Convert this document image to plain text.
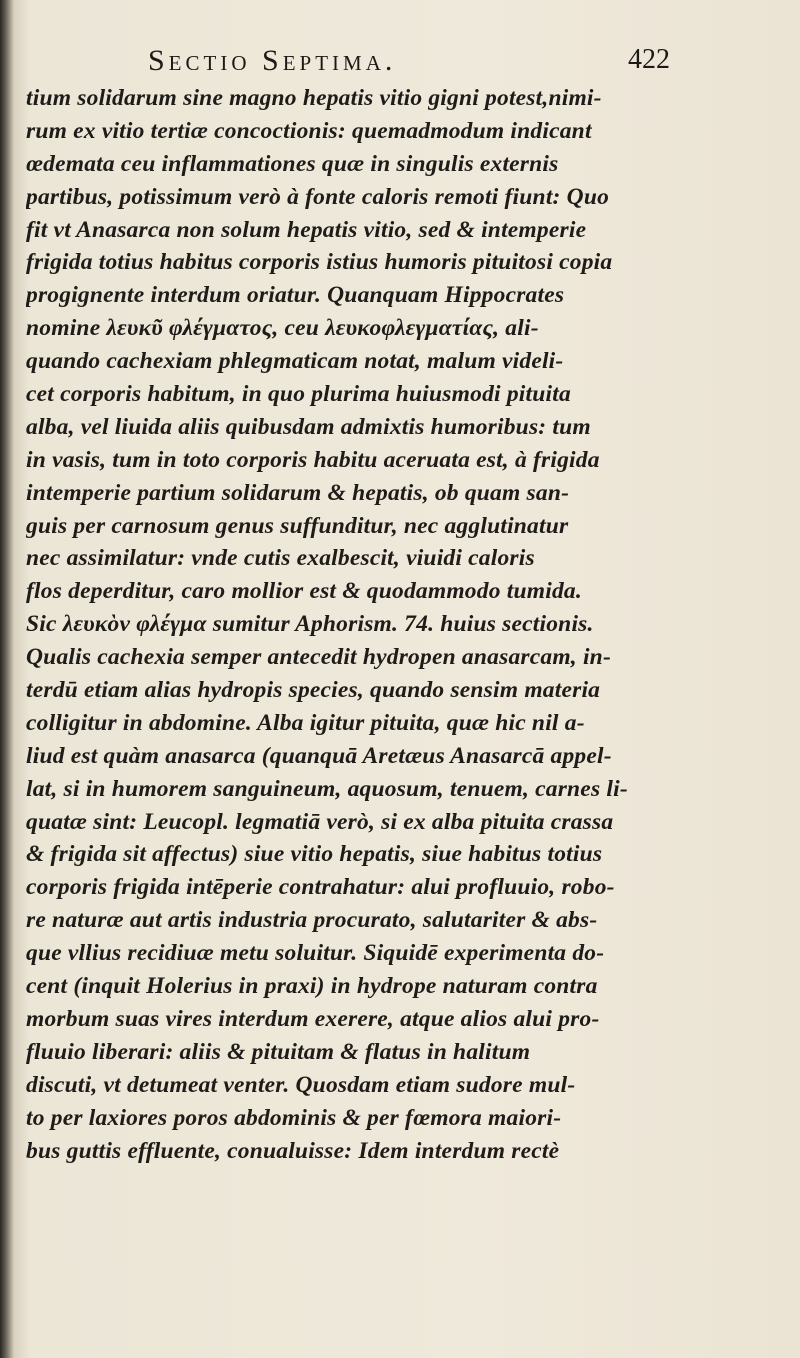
Sectio Septima.	422
tium solidarum sine magno hepatis vitio gigni potest,nimi-
rum ex vitio tertiæ concoctionis: quemadmodum indicant
œdemata ceu inflammationes quæ in singulis externis
partibus, potissimum verò à fonte caloris remoti fiunt: Quo
fit vt Anasarca non solum hepatis vitio, sed & intemperie
frigida totius habitus corporis istius humoris pituitosi copia
progignente interdum oriatur. Quanquam Hippocrates
nomine λευκῦ φλέγματος, ceu λευκοφλεγματίας, ali-
quando cachexiam phlegmaticam notat, malum videli-
cet corporis habitum, in quo plurima huiusmodi pituita
alba, vel liuida aliis quibusdam admixtis humoribus: tum
in vasis, tum in toto corporis habitu aceruata est, à frigida
intemperie partium solidarum & hepatis, ob quam san-
guis per carnosum genus suffunditur, nec agglutinatur
nec assimilatur: vnde cutis exalbescit, viuidi caloris
flos deperditur, caro mollior est & quodammodo tumida.
Sic λευκὸν φλέγμα sumitur Aphorism. 74. huius sectionis.
Qualis cachexia semper antecedit hydropen anasarcam, in-
terdū etiam alias hydropis species, quando sensim materia
colligitur in abdomine. Alba igitur pituita, quæ hic nil a-
liud est quàm anasarca (quanquā Aretæus Anasarcā appel-
lat, si in humorem sanguineum, aquosum, tenuem, carnes li-
quatæ sint: Leucopl. legmatiā verò, si ex alba pituita crassa
& frigida sit affectus) siue vitio hepatis, siue habitus totius
corporis frigida intēperie contrahatur: alui profluuio, robo-
re naturæ aut artis industria procurato, salutariter & abs-
que vllius recidiuæ metu soluitur. Siquidē experimenta do-
cent (inquit Holerius in praxi) in hydrope naturam contra
morbum suas vires interdum exerere, atque alios alui pro-
fluuio liberari: aliis & pituitam & flatus in halitum
discuti, vt detumeat venter. Quosdam etiam sudore mul-
to per laxiores poros abdominis & per fœmora maiori-
bus guttis effluente, conualuisse: Idem interdum rectè
